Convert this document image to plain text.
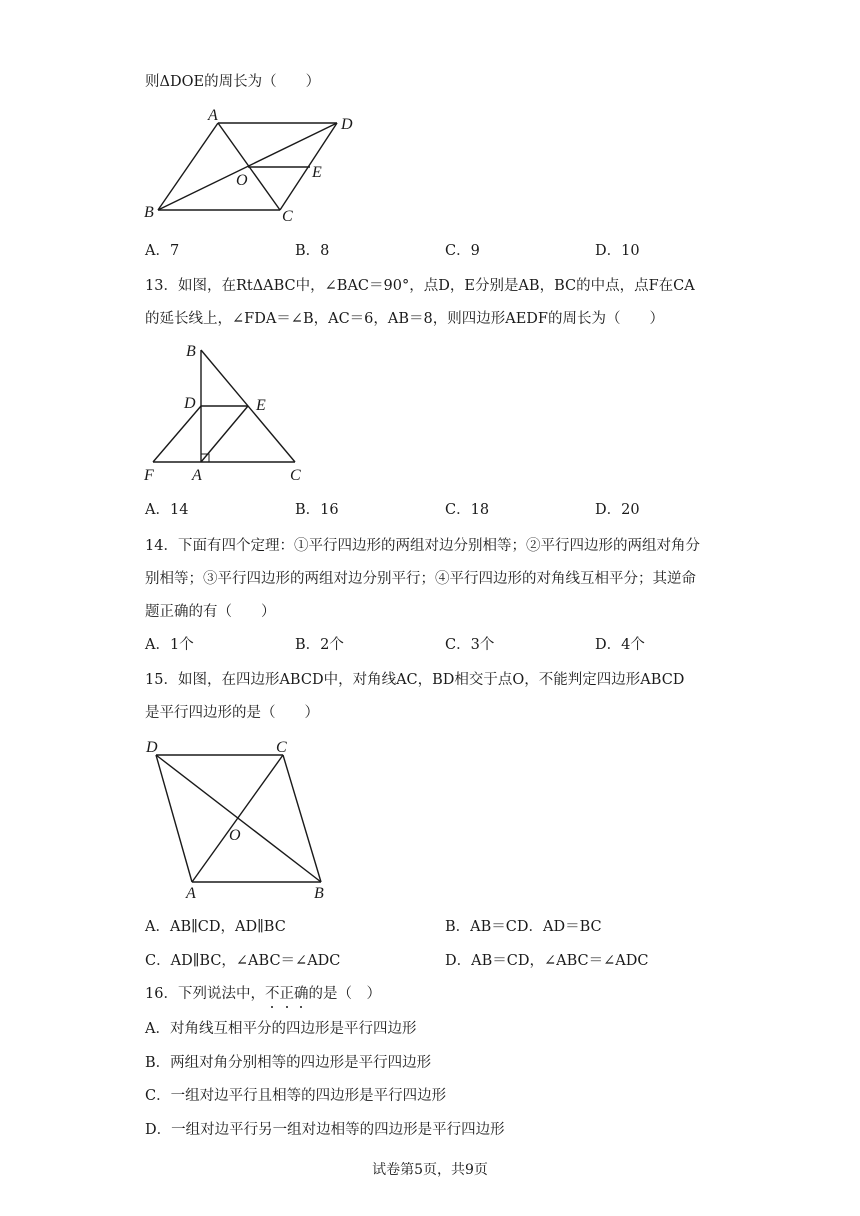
则ΔDOE的周长为（　　）
A
D
O	E
B	C
A．7	B．8	C．9	D．10
13．如图，在RtΔABC中，∠BAC＝90°，点D，E分别是AB，BC的中点，点F在CA
的延长线上，∠FDA＝∠B，AC＝6，AB＝8，则四边形AEDF的周长为（　　）
B
D	E
F A	C
A．14	B．16	C．18	D．20
14．下面有四个定理：①平行四边形的两组对边分别相等；②平行四边形的两组对角分
别相等；③平行四边形的两组对边分别平行；④平行四边形的对角线互相平分；其逆命
题正确的有（　　）
A．1个	B．2个	C．3个	D．4个
15．如图，在四边形ABCD中，对角线AC，BD相交于点O，不能判定四边形ABCD
是平行四边形的是（　　）
D	C
O
A	B
A．AB∥CD，AD∥BC	B．AB＝CD．AD＝BC
C．AD∥BC，∠ABC＝∠ADC	D．AB＝CD，∠ABC＝∠ADC
16．下列说法中，不正确
的是（　）
A．对角线互相平分的四边形是平行四边形
B．两组对角分别相等的四边形是平行四边形
C．一组对边平行且相等的四边形是平行四边形
D．一组对边平行另一组对边相等的四边形是平行四边形
试卷第5页，共9页
